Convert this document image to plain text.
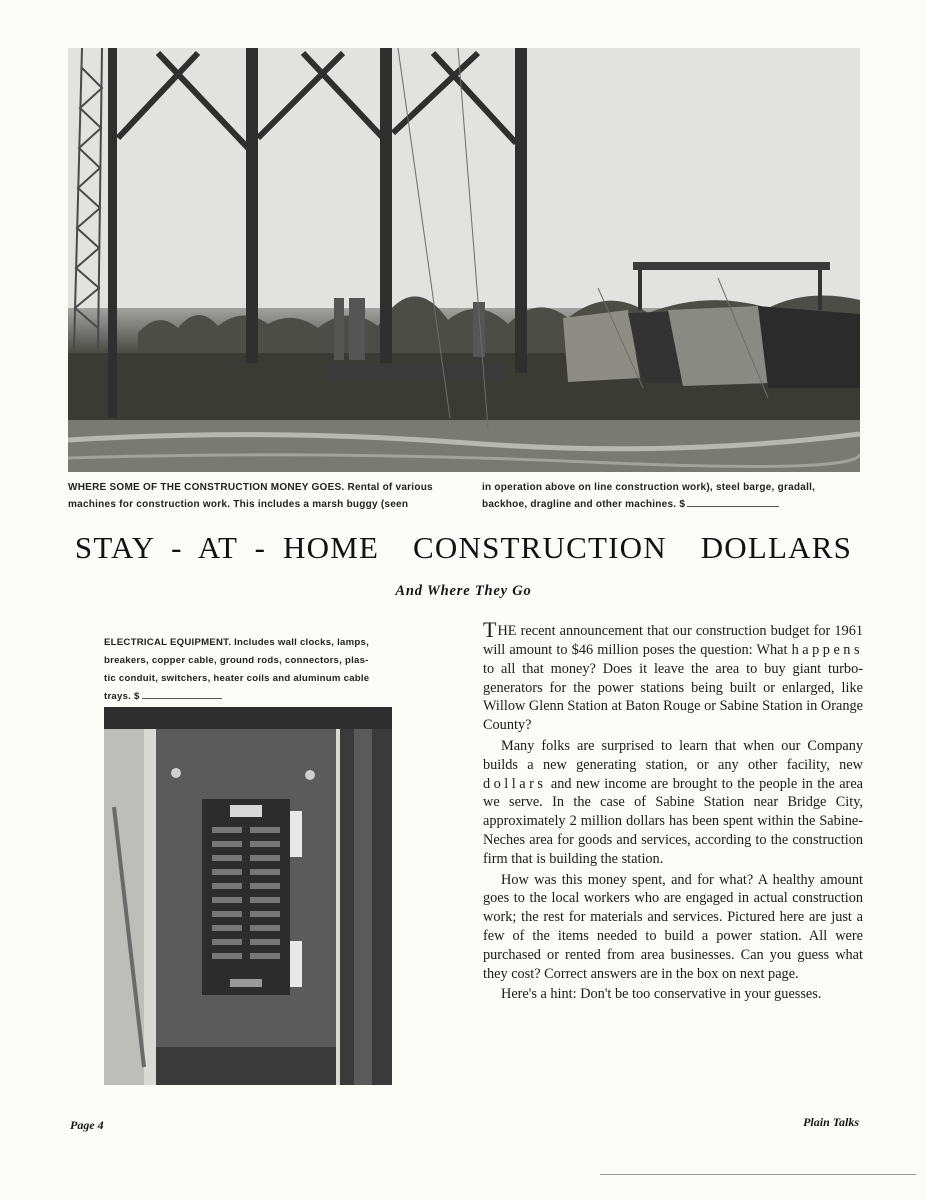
WHERE SOME OF THE CONSTRUCTION MONEY GOES. Rental of various
machines for construction work. This includes a marsh buggy (seen
in operation above on line construction work), steel barge, gradall,
backhoe, dragline and other machines. $
STAY - AT - HOME  CONSTRUCTION  DOLLARS
And Where They Go
ELECTRICAL EQUIPMENT. Includes wall clocks, lamps,
breakers, copper cable, ground rods, connectors, plas-
tic conduit, switchers, heater coils and aluminum cable
trays. $

THE recent announcement that our construction budget for 1961 will amount to $46 million poses the question: What happens to all that money? Does it leave the area to buy giant turbo-generators for the power stations being built or enlarged, like Willow Glenn Station at Baton Rouge or Sabine Station in Orange County?

Many folks are surprised to learn that when our Company builds a new generating station, or any other facility, new dollars and new income are brought to the people in the area we serve. In the case of Sabine Station near Bridge City, approximately 2 million dollars has been spent within the Sabine-Neches area for goods and services, according to the construction firm that is building the station.

How was this money spent, and for what? A healthy amount goes to the local workers who are engaged in actual construction work; the rest for materials and services. Pictured here are just a few of the items needed to build a power station. All were purchased or rented from area businesses. Can you guess what they cost? Correct answers are in the box on next page.

Here's a hint: Don't be too conservative in your guesses.

Page 4	Plain Talks
